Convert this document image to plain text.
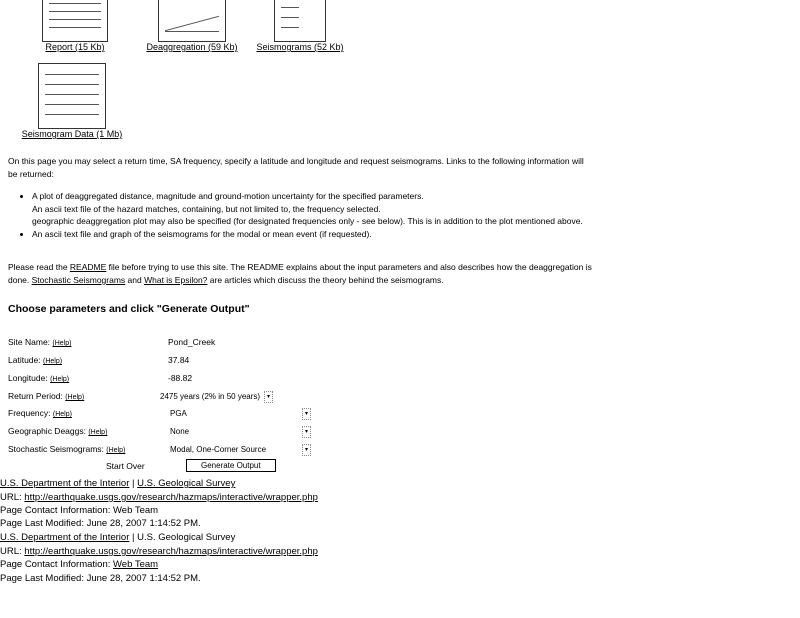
Report (15 Kb)	Deaggregation (59 Kb)	Seismograms (52 Kb)
Seismogram Data (1 Mb)
On this page you may select a return time, SA frequency, specify a latitude and longitude and request seismograms. Links to the following information will be returned:
• A plot of deaggregated distance, magnitude and ground-motion uncertainty for the specified parameters.
An ascii text file of the hazard matches, containing, but not limited to, the frequency selected.
geographic deaggregation plot may also be specified (for designated frequencies only - see below). This is in addition to the plot mentioned above.
• An ascii text file and graph of the seismograms for the modal or mean event (if requested).
Please read the README file before trying to use this site. The README explains about the input parameters and also describes how the deaggregation is done. Stochastic Seismograms and What is Epsilon? are articles which discuss the theory behind the seismograms.
Choose parameters and click "Generate Output"
Site Name: (Help)	Pond_Creek
Latitude: (Help)	37.84
Longitude: (Help)	-88.82
Return Period: (Help)	2475 years (2% in 50 years) ▾
Frequency: (Help)	PGA	▾
Geographic Deaggs: (Help)	None	▾
Stochastic Seismograms: (Help)	Modal, One-Corner Source	▾
Start Over	Generate Output
U.S. Department of the Interior | U.S. Geological Survey
URL: http://earthquake.usgs.gov/research/hazmaps/interactive/wrapper.php
Page Contact Information: Web Team
Page Last Modified: June 28, 2007 1:14:52 PM.
U.S. Department of the Interior | U.S. Geological Survey
URL: http://earthquake.usgs.gov/research/hazmaps/interactive/wrapper.php
Page Contact Information: Web Team
Page Last Modified: June 28, 2007 1:14:52 PM.
